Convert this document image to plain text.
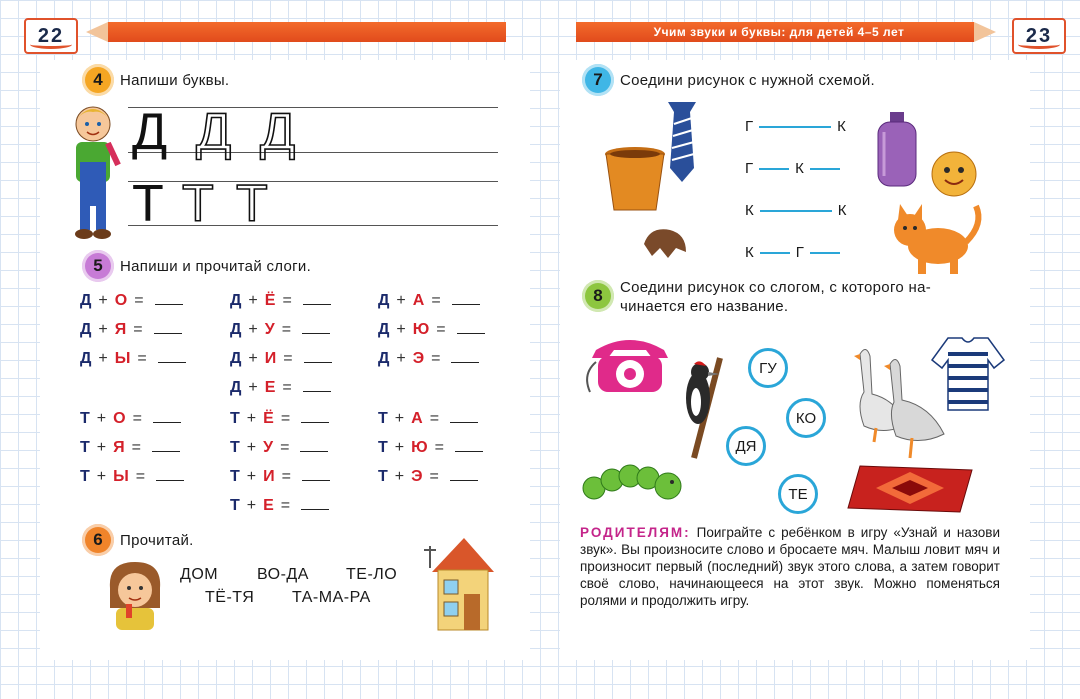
22	Учим звуки и буквы: для детей 4–5 лет	23
4 Напиши буквы.
Д Д Д
Т Т Т
5 Напиши и прочитай слоги.
Д + О =	Д + Ё =	Д + А =
Д + Я =	Д + У =	Д + Ю =
Д + Ы =	Д + И =	Д + Э =
Д + Е =
Т + О =	Т + Ё =	Т + А =
Т + Я =	Т + У =	Т + Ю =
Т + Ы =	Т + И =	Т + Э =
Т + Е =
6 Прочитай.
ДОМ ВО-ДА ТЕ-ЛО
ТЁ-ТЯ ТА-МА-РА
7 Соедини рисунок с нужной схемой.
Г	К
Г	К
К	К
К	Г
8 Соедини рисунок со слогом, с которого на-
чинается его название.
ГУ
КО
ДЯ
ТЕ
РОДИТЕЛЯМ: Поиграйте с ребёнком в игру «Узнай и назови звук». Вы произносите слово и бросаете мяч. Малыш ловит мяч и произносит первый (последний) звук этого слова, а затем говорит своё слово, начинающееся на этот звук. Можно поменяться ролями и продолжить игру.
